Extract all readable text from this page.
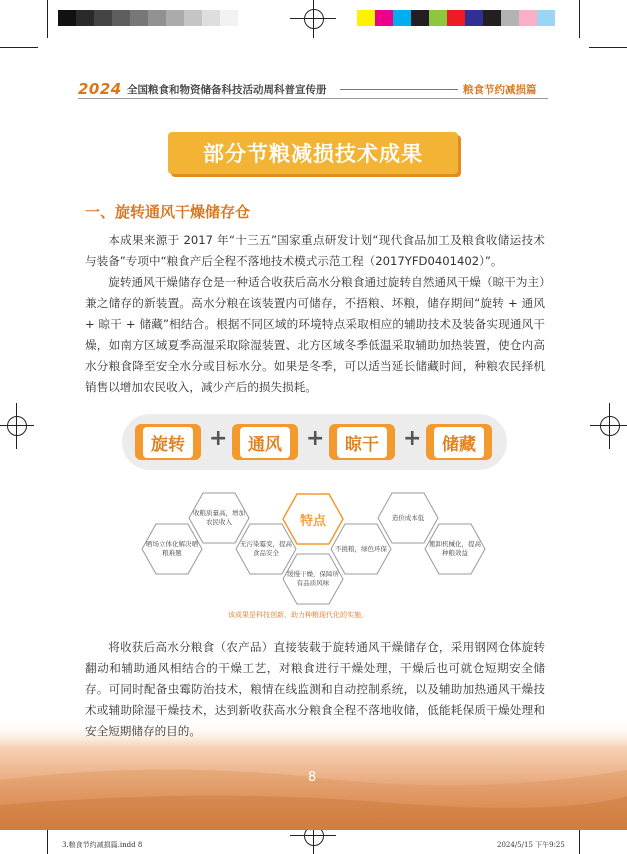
2024 全国粮食和物资储备科技活动周科普宣传册	粮食节约减损篇
部分节粮减损技术成果
一、旋转通风干燥储存仓
本成果来源于 2017 年“十三五”国家重点研发计划“现代食品加工及粮食收储运技术与装备”专项中“粮食产后全程不落地技术模式示范工程（2017YFD0401402）”。
旋转通风干燥储存仓是一种适合收获后高水分粮食通过旋转自然通风干燥（晾干为主）兼之储存的新装置。高水分粮在该装置内可储存，不捂粮、坏粮，储存期间“旋转 + 通风 + 晾干 + 储藏”相结合。根据不同区域的环境特点采取相应的辅助技术及装备实现通风干燥，如南方区域夏季高湿采取除湿装置、北方区域冬季低温采取辅助加热装置，使仓内高水分粮食降至安全水分或目标水分。如果是冬季，可以适当延长储藏时间，种粮农民择机销售以增加农民收入，减少产后的损失损耗。
旋转	+	通风	+	晾干	+	储藏
晒场立体化解决晒粮难题
收粮质量高，增加农民收入
无污染霉变，提高食品安全
特点
缓慢干燥，保障所有品质风味
不挑粮，绿色环保
造价成本低
搬卸机械化，提高种粮效益
该成果是科技创新，助力种粮现代化的实施。
将收获后高水分粮食（农产品）直接装载于旋转通风干燥储存仓，采用钢网仓体旋转翻动和辅助通风相结合的干燥工艺，对粮食进行干燥处理，干燥后也可就仓短期安全储存。可同时配备虫霉防治技术，粮情在线监测和自动控制系统，以及辅助加热通风干燥技术或辅助除湿干燥技术，达到新收获高水分粮食全程不落地收储，低能耗保质干燥处理和安全短期储存的目的。
8
3.粮食节约减损篇.indd 8	2024/5/15 下午9:25
